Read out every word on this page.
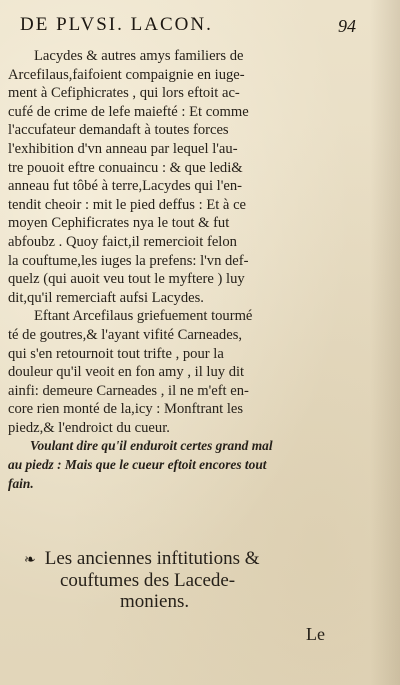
DE PLVSI. LACON.	94
Lacydes & autres amys familiers de
Arcefilaus,faifoient compaignie en iuge-
ment à Cefiphicrates , qui lors eftoit ac-
cufé de crime de lefe maiefté : Et comme
l'accufateur demandaft à toutes forces
l'exhibition d'vn anneau par lequel l'au-
tre pouoit eftre conuaincu : & que ledi&
anneau fut tôbé à terre,Lacydes qui l'en-
tendit cheoir : mit le pied deffus : Et à ce
moyen Cephificrates nya le tout & fut
abfoubz . Quoy faict,il remercioit felon
la couftume,les iuges la prefens: l'vn def-
quelz (qui auoit veu tout le myftere ) luy
dit,qu'il remerciaft aufsi Lacydes.
Eftant Arcefilaus griefuement tourmé
té de goutres,& l'ayant vifité Carneades,
qui s'en retournoit tout trifte , pour la
douleur qu'il veoit en fon amy , il luy dit
ainfi: demeure Carneades , il ne m'eft en-
core rien monté de la,icy : Monftrant les
piedz,& l'endroict du cueur.
Voulant dire qu'il enduroit certes grand mal
au piedz : Mais que le cueur eftoit encores tout
fain.
❧ Les anciennes inftitutions &
couftumes des Lacede-
moniens.
Le
